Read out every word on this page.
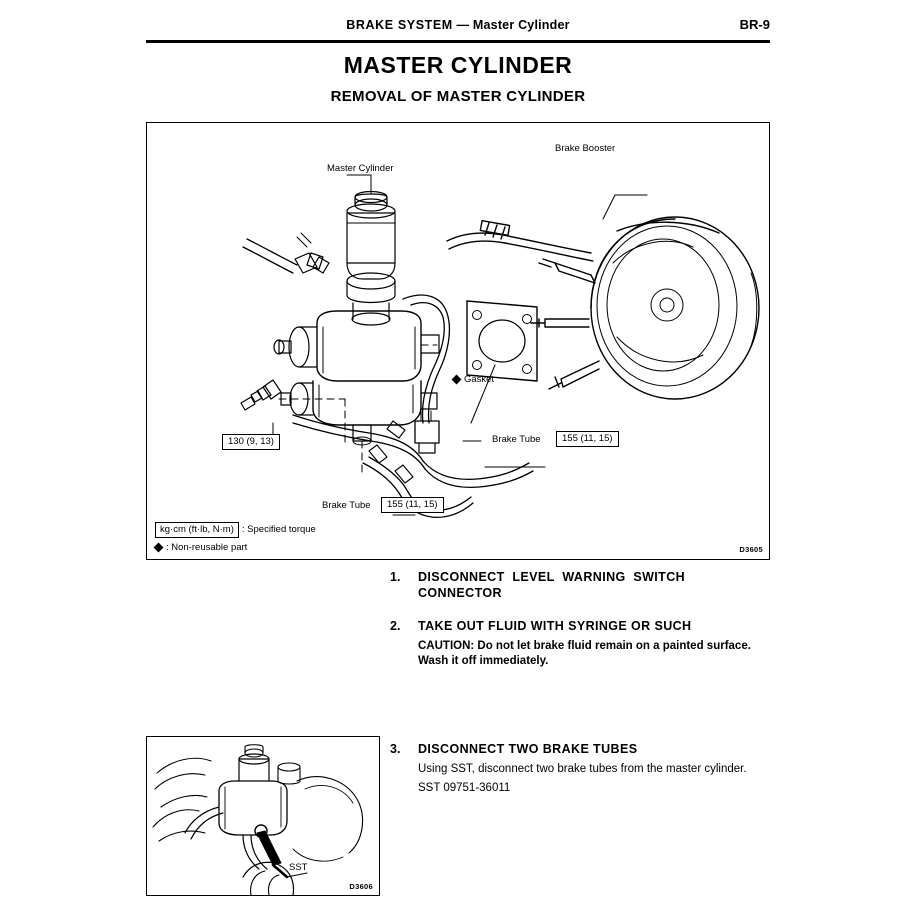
BRAKE SYSTEM — Master Cylinder	BR-9
MASTER CYLINDER
REMOVAL OF MASTER CYLINDER
Master Cylinder
Brake Booster
Gasket
Brake Tube	155 (11, 15)
Brake Tube	155 (11, 15)
130 (9, 13)
kg·cm (ft·lb, N·m) : Specified torque
: Non-reusable part	D3605
1. DISCONNECT  LEVEL  WARNING  SWITCH
CONNECTOR
2. TAKE OUT FLUID WITH SYRINGE OR SUCH
CAUTION: Do not let brake fluid remain on a painted surface. Wash it off immediately.
SST
D3606
3. DISCONNECT TWO BRAKE TUBES
Using SST, disconnect two brake tubes from the master cylinder.
SST 09751-36011
